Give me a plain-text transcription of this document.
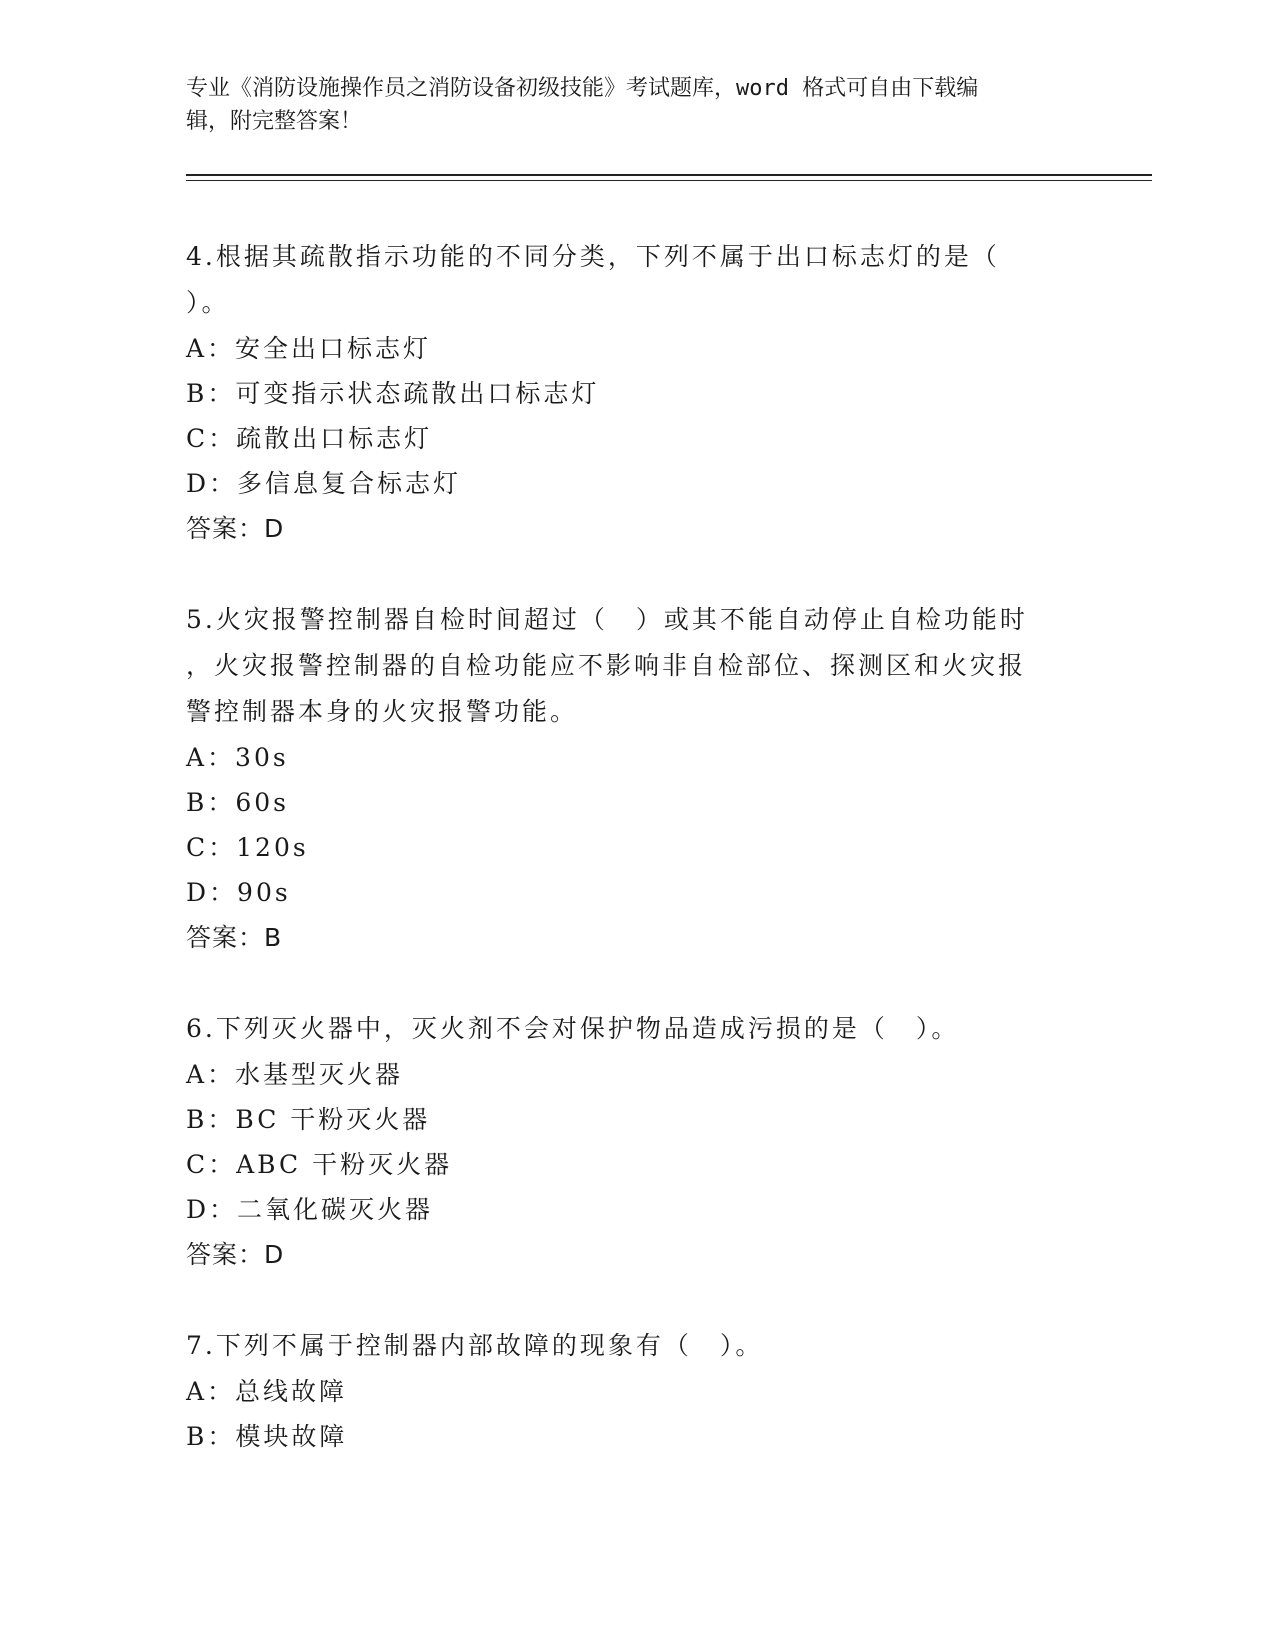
专业《消防设施操作员之消防设备初级技能》考试题库，word 格式可自由下载编
辑，附完整答案！
4.根据其疏散指示功能的不同分类，下列不属于出口标志灯的是（
）。
A：安全出口标志灯
B：可变指示状态疏散出口标志灯
C：疏散出口标志灯
D：多信息复合标志灯
答案：D
5.火灾报警控制器自检时间超过（　）或其不能自动停止自检功能时
，火灾报警控制器的自检功能应不影响非自检部位、探测区和火灾报
警控制器本身的火灾报警功能。
A：30s
B：60s
C：120s
D：90s
答案：B
6.下列灭火器中，灭火剂不会对保护物品造成污损的是（　）。
A：水基型灭火器
B：BC 干粉灭火器
C：ABC 干粉灭火器
D：二氧化碳灭火器
答案：D
7.下列不属于控制器内部故障的现象有（　）。
A：总线故障
B：模块故障
